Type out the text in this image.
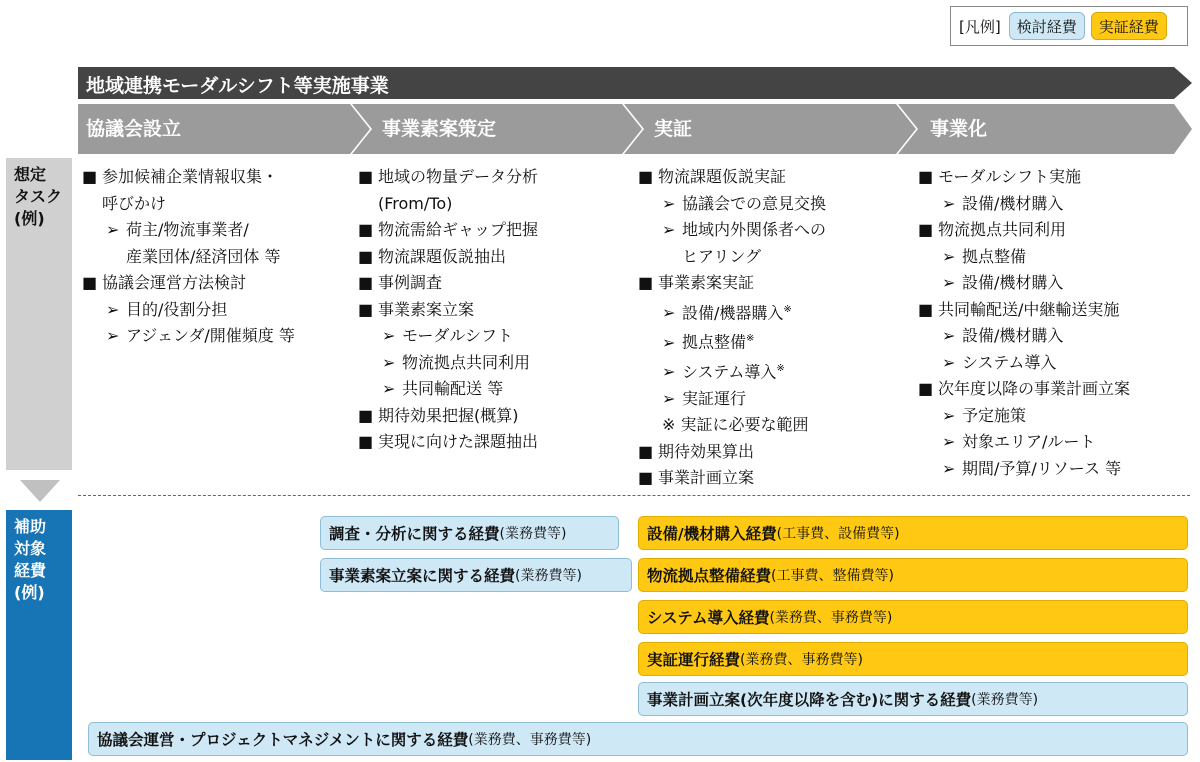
[凡例]	検討経費	実証経費
地域連携モーダルシフト等実施事業
協議会設立	事業素案策定	実証	事業化
想定
タスク
(例)
補助
対象
経費
(例)
■ 参加候補企業情報収集・
呼びかけ
➢ 荷主/物流事業者/
産業団体/経済団体 等
■ 協議会運営方法検討
➢ 目的/役割分担
➢ アジェンダ/開催頻度 等
■ 地域の物量データ分析
(From/To)
■ 物流需給ギャップ把握
■ 物流課題仮説抽出
■ 事例調査
■ 事業素案立案
➢ モーダルシフト
➢ 物流拠点共同利用
➢ 共同輸配送 等
■ 期待効果把握(概算)
■ 実現に向けた課題抽出
■ 物流課題仮説実証
➢ 協議会での意見交換
➢ 地域内外関係者への
ヒアリング
■ 事業素案実証
➢ 設備/機器購入※
➢ 拠点整備※
➢ システム導入※
➢ 実証運行
※ 実証に必要な範囲
■ 期待効果算出
■ 事業計画立案
■ モーダルシフト実施
➢ 設備/機材購入
■ 物流拠点共同利用
➢ 拠点整備
➢ 設備/機材購入
■ 共同輸配送/中継輸送実施
➢ 設備/機材購入
➢ システム導入
■ 次年度以降の事業計画立案
➢ 予定施策
➢ 対象エリア/ルート
➢ 期間/予算/リソース 等
調査・分析に関する経費 (業務費等)
事業素案立案に関する経費 (業務費等)
設備/機材購入経費 (工事費、設備費等)
物流拠点整備経費 (工事費、整備費等)
システム導入経費 (業務費、事務費等)
実証運行経費 (業務費、事務費等)
事業計画立案(次年度以降を含む)に関する経費 (業務費等)
協議会運営・プロジェクトマネジメントに関する経費 (業務費、事務費等)
